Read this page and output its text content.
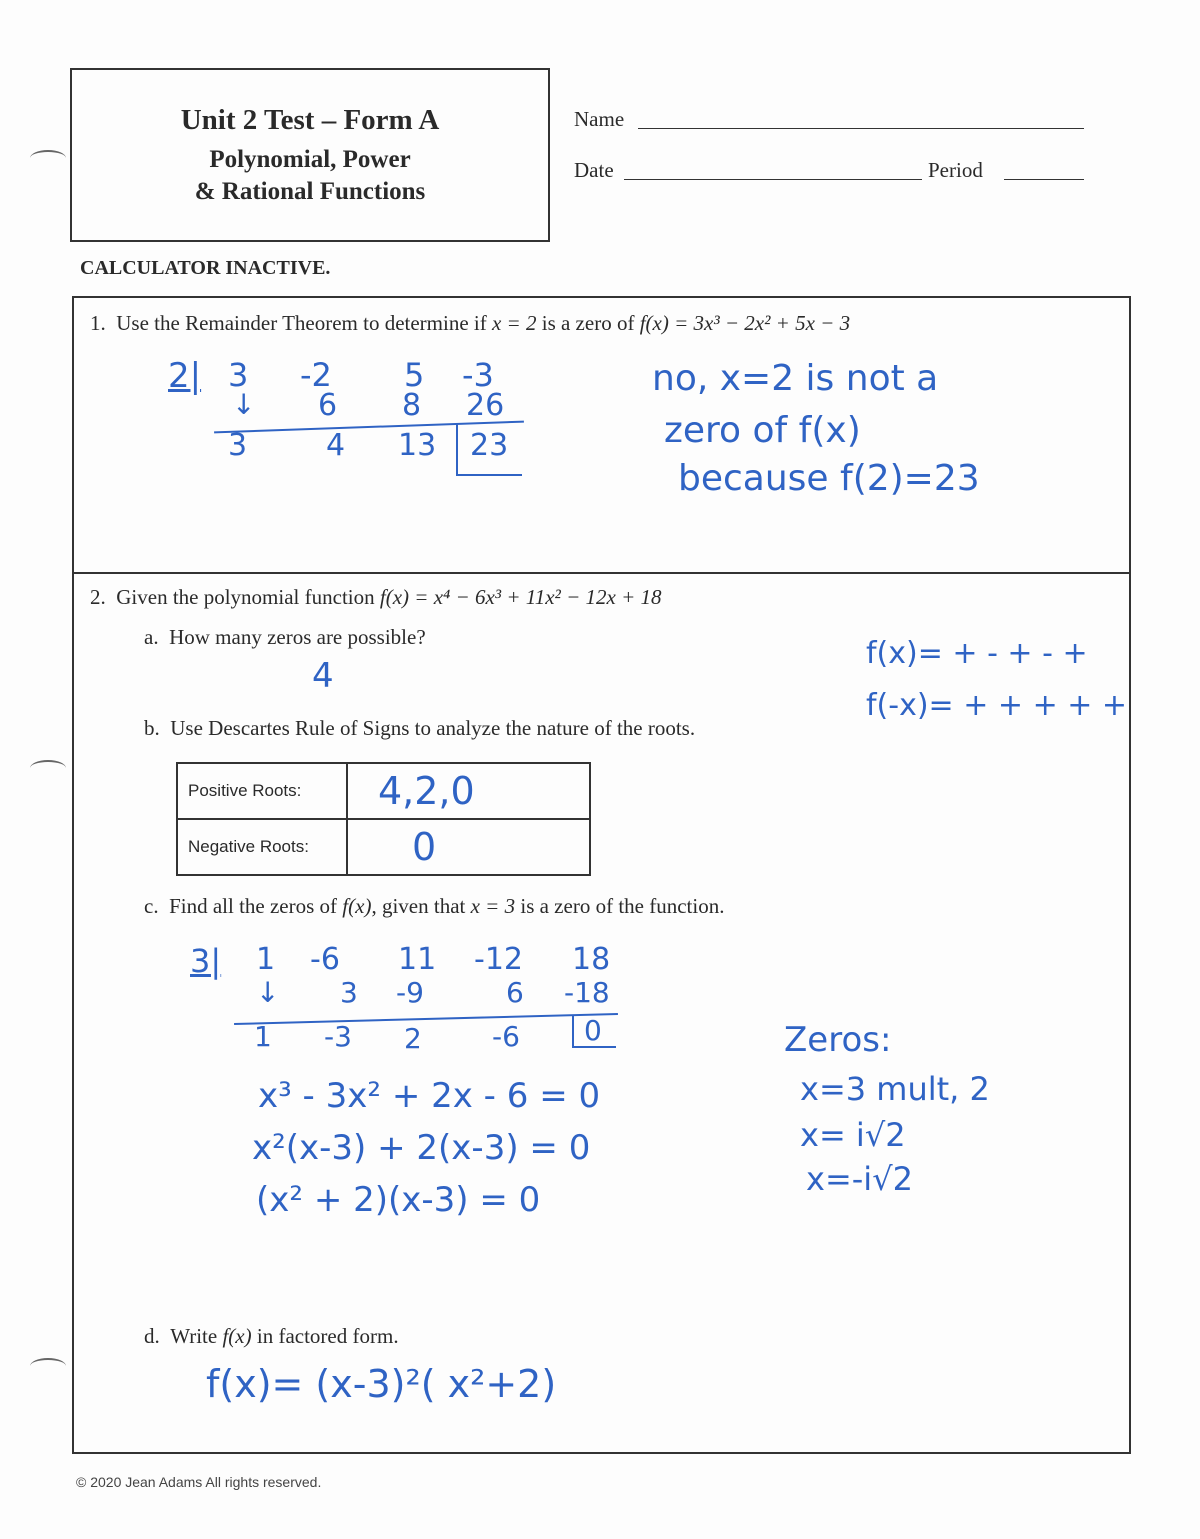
Unit 2 Test – Form A
Polynomial, Power
& Rational Functions
Name
Date	Period
CALCULATOR INACTIVE.
1. Use the Remainder Theorem to determine if x = 2 is a zero of f(x) = 3x³ − 2x² + 5x − 3
2| 3 -2 5 -3
↓ 6 8 26
3	4 13 23
no, x=2 is not a
zero of f(x)
because f(2)=23
2. Given the polynomial function f(x) = x⁴ − 6x³ + 11x² − 12x + 18
a. How many zeros are possible?
4
f(x)= + - + - +
f(-x)= + + + + +
b. Use Descartes Rule of Signs to analyze the nature of the roots.
Positive Roots:	4,2,0
Negative Roots:	0
c. Find all the zeros of f(x), given that x = 3 is a zero of the function.
3| 1 -6 11 -12 18
↓ 3 -9	6 -18
1 -3 2	-6 0
x³ - 3x² + 2x - 6 = 0
x²(x-3) + 2(x-3) = 0
(x² + 2)(x-3) = 0
Zeros:
x=3 mult, 2
x= i√2
x=-i√2
d. Write f(x) in factored form.
f(x)= (x-3)²( x²+2)
© 2020 Jean Adams All rights reserved.
